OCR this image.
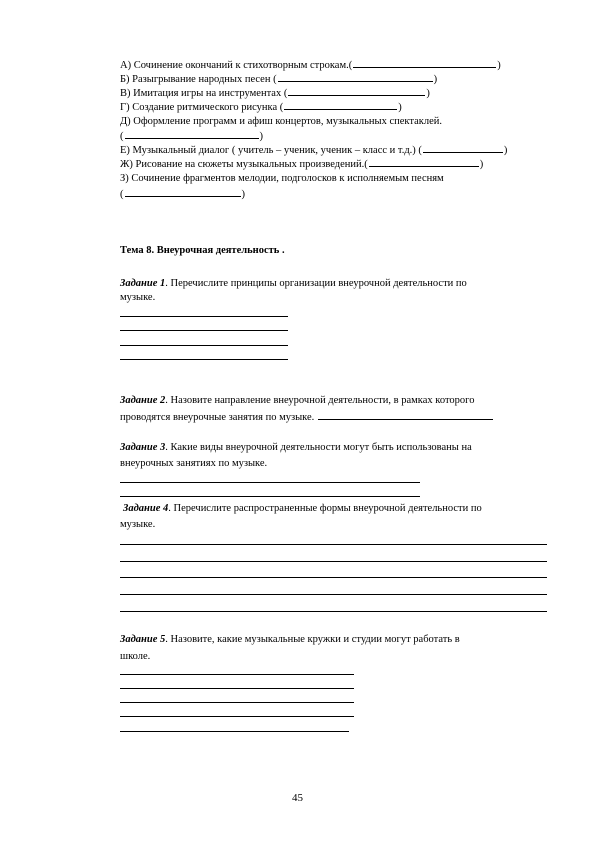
А) Сочинение окончаний к стихотворным строкам.(	)
Б) Разыгрывание народных песен (	)
В) Имитация игры на инструментах (	)
Г) Создание ритмического рисунка (	)
Д) Оформление программ и афиш концертов, музыкальных спектаклей.
(	)
Е) Музыкальный диалог ( учитель – ученик, ученик – класс и т.д.) (	)
Ж) Рисование на сюжеты музыкальных произведений.(	)
З) Сочинение фрагментов мелодии, подголосков к исполняемым песням
(	)
Тема 8. Внеурочная деятельность .
Задание 1. Перечислите принципы организации внеурочной деятельности по
музыке.
Задание 2. Назовите направление внеурочной деятельности, в рамках которого
проводятся внеурочные занятия по музыке.
Задание 3. Какие виды внеурочной деятельности могут быть использованы на
внеурочных занятиях по музыке.
Задание 4. Перечислите распространенные формы внеурочной деятельности по
музыке.
Задание 5. Назовите, какие музыкальные кружки и студии могут работать в
школе.
45
